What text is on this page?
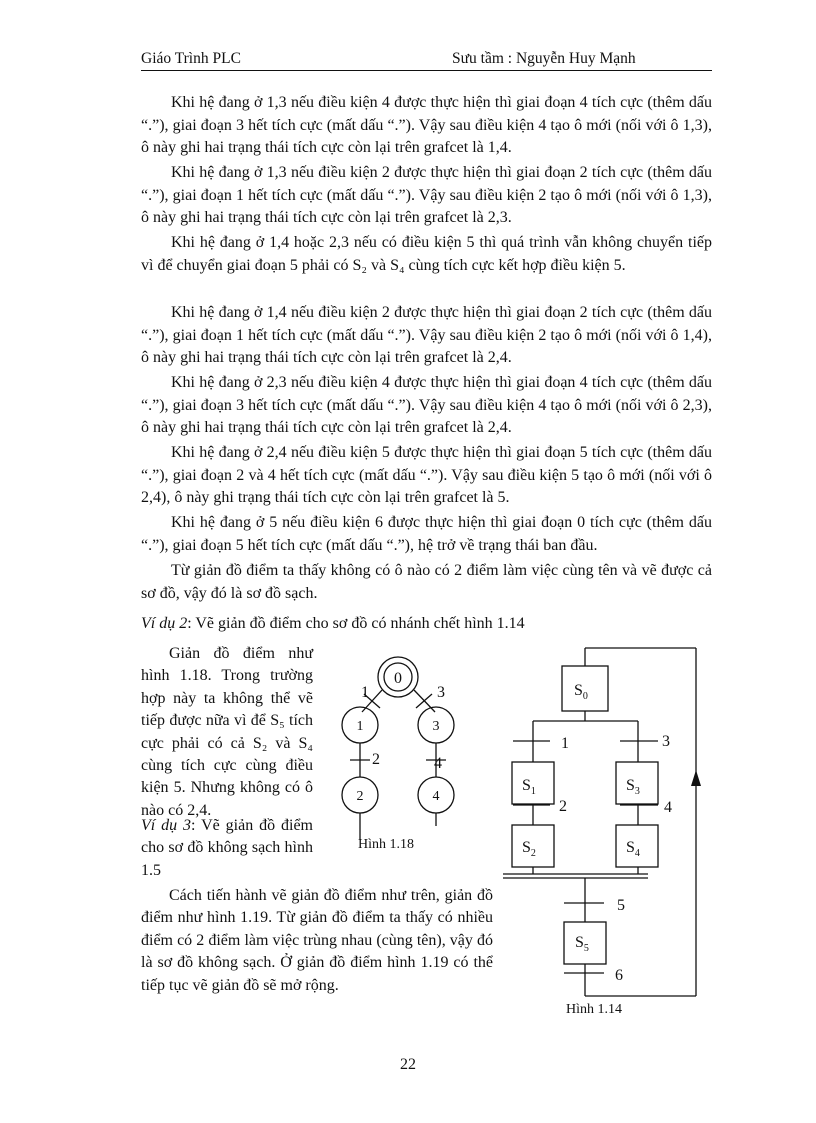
Giáo Trình PLC	Sưu tầm : Nguyễn Huy Mạnh

Khi hệ đang ở 1,3 nếu điều kiện 4 được thực hiện thì giai đoạn 4 tích cực (thêm dấu “.”), giai đoạn 3 hết tích cực (mất dấu “.”). Vậy sau điều kiện 4 tạo ô mới (nối với ô 1,3), ô này ghi hai trạng thái tích cực còn lại trên grafcet là 1,4.

Khi hệ đang ở 1,3 nếu điều kiện 2 được thực hiện thì giai đoạn 2 tích cực (thêm dấu “.”), giai đoạn 1 hết tích cực (mất dấu “.”). Vậy sau điều kiện 2 tạo ô mới (nối với ô 1,3), ô này ghi hai trạng thái tích cực còn lại trên grafcet là 2,3.

Khi hệ đang ở 1,4 hoặc 2,3 nếu có điều kiện 5 thì quá trình vẫn không chuyển tiếp vì để chuyển giai đoạn 5 phải có S₂ và S₄ cùng tích cực kết hợp điều kiện 5.

Khi hệ đang ở 1,4 nếu điều kiện 2 được thực hiện thì giai đoạn 2 tích cực (thêm dấu “.”), giai đoạn 1 hết tích cực (mất dấu “.”). Vậy sau điều kiện 2 tạo ô mới (nối với ô 1,4), ô này ghi hai trạng thái tích cực còn lại trên grafcet là 2,4.

Khi hệ đang ở 2,3 nếu điều kiện 4 được thực hiện thì giai đoạn 4 tích cực (thêm dấu “.”), giai đoạn 3 hết tích cực (mất dấu “.”). Vậy sau điều kiện 4 tạo ô mới (nối với ô 2,3), ô này ghi hai trạng thái tích cực còn lại trên grafcet là 2,4.

Khi hệ đang ở 2,4 nếu điều kiện 5 được thực hiện thì giai đoạn 5 tích cực (thêm dấu “.”), giai đoạn 2 và 4 hết tích cực (mất dấu “.”). Vậy sau điều kiện 5 tạo ô mới (nối với ô 2,4), ô này ghi trạng thái tích cực còn lại trên grafcet là 5.

Khi hệ đang ở 5 nếu điều kiện 6 được thực hiện thì giai đoạn 0 tích cực (thêm dấu “.”), giai đoạn 5 hết tích cực (mất dấu “.”), hệ trở về trạng thái ban đầu.

Từ giản đồ điểm ta thấy không có ô nào có 2 điểm làm việc cùng tên và vẽ được cả sơ đồ, vậy đó là sơ đồ sạch.

Ví dụ 2: Vẽ giản đồ điểm cho sơ đồ có nhánh chết hình 1.14

Giản đồ điểm như hình 1.18. Trong trường hợp này ta không thể vẽ tiếp được nữa vì để S₅ tích cực phải có cả S₂ và S₄ cùng tích cực cùng điều kiện 5. Nhưng không có ô nào có 2,4.

Ví dụ 3: Vẽ giản đồ điểm cho sơ đồ không sạch hình 1.5

Cách tiến hành vẽ giản đồ điểm như trên, giản đồ điểm như hình 1.19. Từ giản đồ điểm ta thấy có nhiều điểm có 2 điểm làm việc trùng nhau (cùng tên), vậy đó là sơ đồ không sạch. Ở giản đồ điểm hình 1.19 có thể tiếp tục vẽ giản đồ sẽ mở rộng.

0
1	3
2	4
1	3
2	4
Hình 1.18
$S_0$
$S_1$	$S_3$
$S_2$	$S_4$
$S_5$
1	3
2	4
5
6
Hình 1.14
22
